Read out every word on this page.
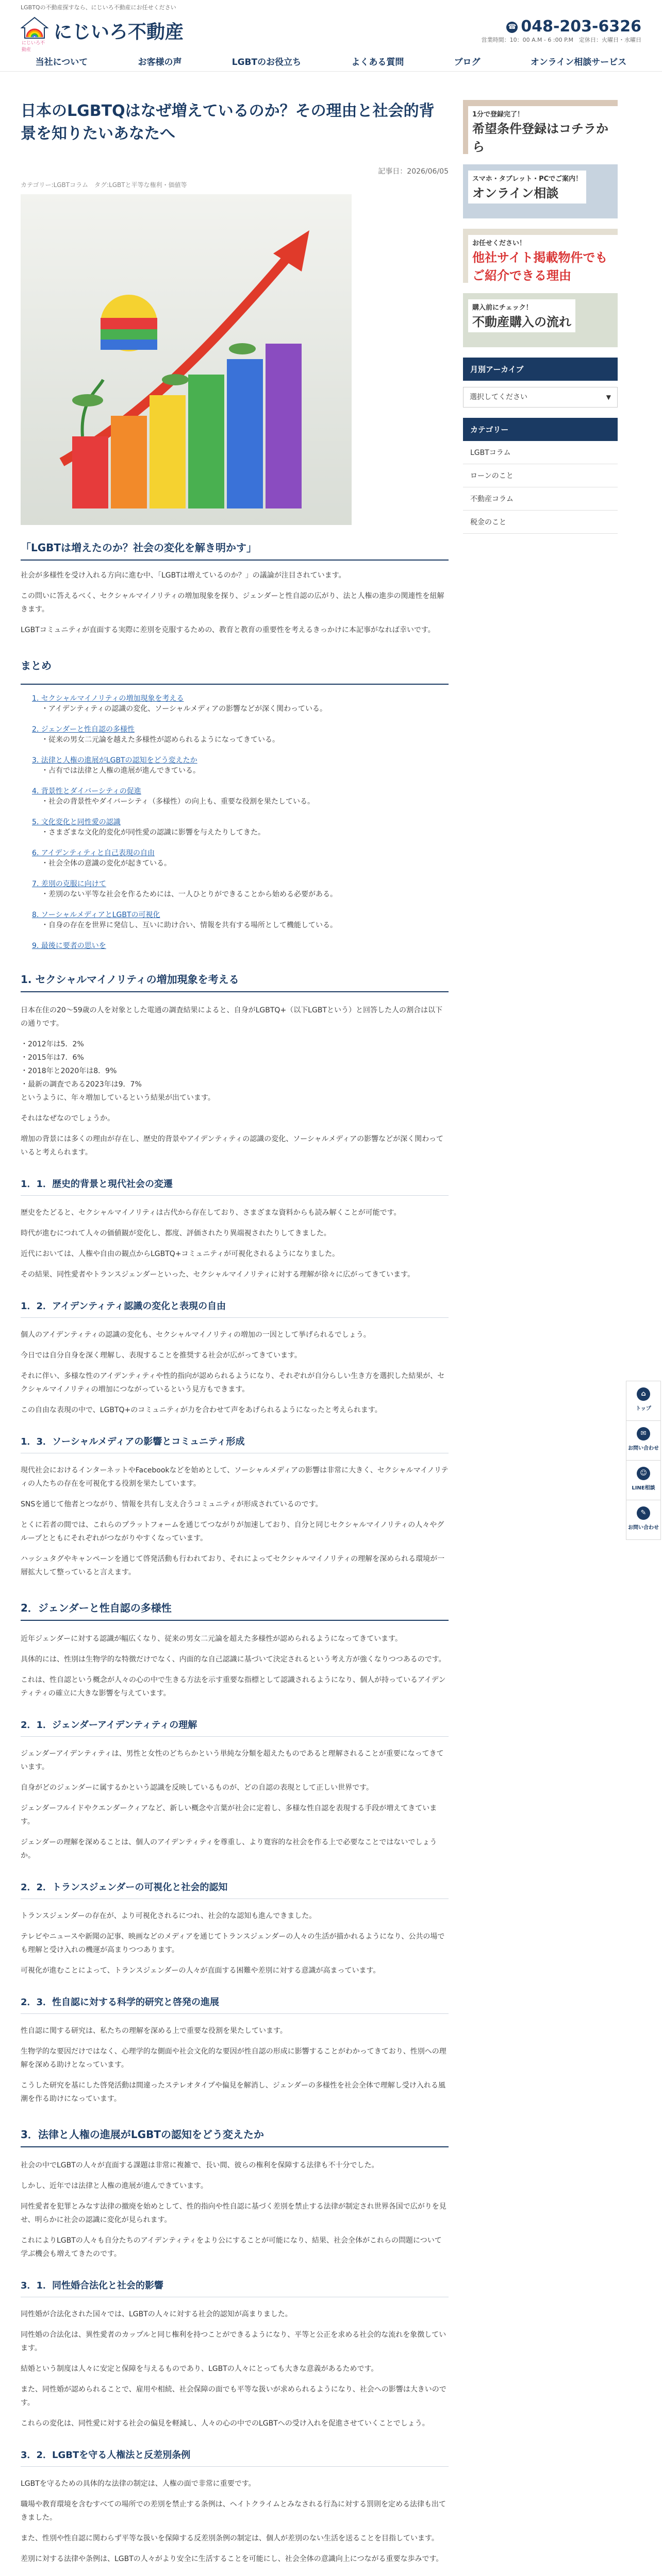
LGBTQの不動産探すなら、にじいろ不動産にお任せください
にじいろ不動産
にじいろ不動産	☎ 048-203-6326
営業時間：10：00 A.M - 6 :00 P.M　定休日：火曜日・水曜日
当社について	お客様の声	LGBTのお役立ち	よくある質問	ブログ	オンライン相談サービス
日本のLGBTQはなぜ増えているのか？その理由と社会的背景を知りたいあなたへ
記事日：2026/06/05
カテゴリー:LGBTコラム　タグ:LGBTと平等な権利・価値等
「LGBTは増えたのか？社会の変化を解き明かす」

社会が多様性を受け入れる方向に進む中、「LGBTは増えているのか？」の議論が注目されています。

この問いに答えるべく、セクシャルマイノリティの増加現象を探り、ジェンダーと性自認の広がり、法と人権の進歩の関連性を紐解きます。

LGBTコミュニティが直面する実際に差別を克服するための、教育と教育の重要性を考えるきっかけに本記事がなれば幸いです。

まとめ
1. セクシャルマイノリティの増加現象を考える
・アイデンティティの認識の変化、ソーシャルメディアの影響などが深く関わっている。
2. ジェンダーと性自認の多様性
・従来の男女二元論を越えた多様性が認められるようになってきている。
3. 法律と人権の進展がLGBTの認知をどう変えたか
・占有では法律と人権の進展が進んできている。
4. 背景性とダイバーシティの促進
・社会の背景性やダイバーシティ（多様性）の向上も、重要な役割を果たしている。
5. 文化変化と同性愛の認識
・さまざまな文化的変化が同性愛の認識に影響を与えたりしてきた。
6. アイデンティティと自己表現の自由
・社会全体の意識の変化が起きている。
7. 差別の克服に向けて
・差別のない平等な社会を作るためには、一人ひとりができることから始める必要がある。
8. ソーシャルメディアとLGBTの可視化
・自身の存在を世界に発信し、互いに助け合い、情報を共有する場所として機能している。
9. 最後に要者の思いを
1. セクシャルマイノリティの増加現象を考える

日本在住の20〜59歳の人を対象とした電通の調査結果によると、自身がLGBTQ+（以下LGBTという）と回答した人の割合は以下の通りです。

・2012年は5．2%
・2015年は7．6%
・2018年と2020年は8．9%
・最新の調査である2023年は9．7%
というように、年々増加しているという結果が出ています。

それはなぜなのでしょうか。

増加の背景には多くの理由が存在し、歴史的背景やアイデンティティの認識の変化、ソーシャルメディアの影響などが深く関わっていると考えられます。

1．1．歴史的背景と現代社会の変遷

歴史をたどると、セクシャルマイノリティは古代から存在しており、さまざまな資料からも読み解くことが可能です。

時代が進むにつれて人々の価値観が変化し、都度、評価されたり異端視されたりしてきました。

近代においては、人権や自由の観点からLGBTQ+コミュニティが可視化されるようになりました。

その結果、同性愛者やトランスジェンダーといった、セクシャルマイノリティに対する理解が徐々に広がってきています。

1．2．アイデンティティ認識の変化と表現の自由

個人のアイデンティティの認識の変化も、セクシャルマイノリティの増加の一因として挙げられるでしょう。

今日では自分自身を深く理解し、表現することを推奨する社会が広がってきています。

それに伴い、多様な性のアイデンティティや性的指向が認められるようになり、それぞれが自分らしい生き方を選択した結果が、セクシャルマイノリティの増加につながっているという見方もできます。

この自由な表現の中で、LGBTQ+のコミュニティが力を合わせて声をあげられるようになったと考えられます。

1．3．ソーシャルメディアの影響とコミュニティ形成

現代社会におけるインターネットやFacebookなどを始めとして、ソーシャルメディアの影響は非常に大きく、セクシャルマイノリティの人たちの存在を可視化する役割を果たしています。

SNSを通じて他者とつながり、情報を共有し支え合うコミュニティが形成されているのです。

とくに若者の間では、これらのプラットフォームを通じてつながりが加速しており、自分と同じセクシャルマイノリティの人々やグループとともにそれぞれがつながりやすくなっています。

ハッシュタグやキャンペーンを通じて啓発活動も行われており、それによってセクシャルマイノリティの理解を深められる環境が一層拡大して整っていると言えます。

2．ジェンダーと性自認の多様性

近年ジェンダーに対する認識が幅広くなり、従来の男女二元論を超えた多様性が認められるようになってきています。

具体的には、性別は生物学的な特徴だけでなく、内面的な自己認識に基づいて決定されるという考え方が強くなりつつあるのです。

これは、性自認という概念が人々の心の中で生きる方法を示す重要な指標として認識されるようになり、個人が持っているアイデンティティの確立に大きな影響を与えています。

2．1．ジェンダーアイデンティティの理解

ジェンダーアイデンティティは、男性と女性のどちらかという単純な分類を超えたものであると理解されることが重要になってきています。

自身がどのジェンダーに属するかという認識を反映しているものが、どの自認の表現として正しい世界です。

ジェンダーフルイドやクエンダークィアなど、新しい概念や言葉が社会に定着し、多様な性自認を表現する手段が増えてきています。

ジェンダーの理解を深めることは、個人のアイデンティティを尊重し、より寛容的な社会を作る上で必要なことではないでしょうか。

2．2．トランスジェンダーの可視化と社会的認知

トランスジェンダーの存在が、より可視化されるにつれ、社会的な認知も進んできました。

テレビやニュースや新聞の記事、映画などのメディアを通じてトランスジェンダーの人々の生活が描かれるようになり、公共の場でも理解と受け入れの機運が高まりつつあります。

可視化が進むことによって、トランスジェンダーの人々が直面する困難や差別に対する意識が高まっています。

2．3．性自認に対する科学的研究と啓発の進展

性自認に関する研究は、私たちの理解を深める上で重要な役割を果たしています。

生物学的な要因だけではなく、心理学的な側面や社会文化的な要因が性自認の形成に影響することがわかってきており、性別への理解を深める助けとなっています。

こうした研究を基にした啓発活動は間違ったステレオタイプや偏見を解消し、ジェンダーの多様性を社会全体で理解し受け入れる風潮を作る助けになっています。

3．法律と人権の進展がLGBTの認知をどう変えたか

社会の中でLGBTの人々が直面する課題は非常に複雑で、長い間、彼らの権利を保障する法律も不十分でした。

しかし、近年では法律と人権の進展が進んできています。

同性愛者を犯罪とみなす法律の撤廃を始めとして、性的指向や性自認に基づく差別を禁止する法律が制定され世界各国で広がりを見せ、明らかに社会の認識に変化が見られます。

これによりLGBTの人々も自分たちのアイデンティティをより公にすることが可能になり、結果、社会全体がこれらの問題について学ぶ機会も増えてきたのです。

3．1．同性婚合法化と社会的影響

同性婚が合法化された国々では、LGBTの人々に対する社会的認知が高まりました。

同性婚の合法化は、異性愛者のカップルと同じ権利を持つことができるようになり、平等と公正を求める社会的な流れを象徴しています。

結婚という制度は人々に安定と保障を与えるものであり、LGBTの人々にとっても大きな意義があるためです。

また、同性婚が認められることで、雇用や相続、社会保障の面でも平等な扱いが求められるようになり、社会への影響は大きいのです。

これらの変化は、同性愛に対する社会の偏見を軽減し、人々の心の中でのLGBTへの受け入れを促進させていくことでしょう。

3．2．LGBTを守る人権法と反差別条例

LGBTを守るための具体的な法律の制定は、人権の面で非常に重要です。

職場や教育環境を含むすべての場所での差別を禁止する条例は、ヘイトクライムとみなされる行為に対する罰則を定める法律も出てきました。

また、性別や性自認に関わらず平等な扱いを保障する反差別条例の制定は、個人が差別のない生活を送ることを目指しています。

差別に対する法律や条例は、LGBTの人々がより安全に生活することを可能にし、社会全体の意識向上につながる重要な歩みです。

1分で登録完了！
希望条件登録はコチラから
スマホ・タブレット・PCでご案内！
オンライン相談
お任せください！
他社サイト掲載物件でもご紹介できる理由
購入前にチェック！
不動産購入の流れ
月別アーカイブ
選択してください	▼
カテゴリー
LGBTコラム
ローンのこと
不動産コラム
税金のこと
⌂
トップ
✉
お問い合わせ
☺
LINE相談
✎
お問い合わせ
